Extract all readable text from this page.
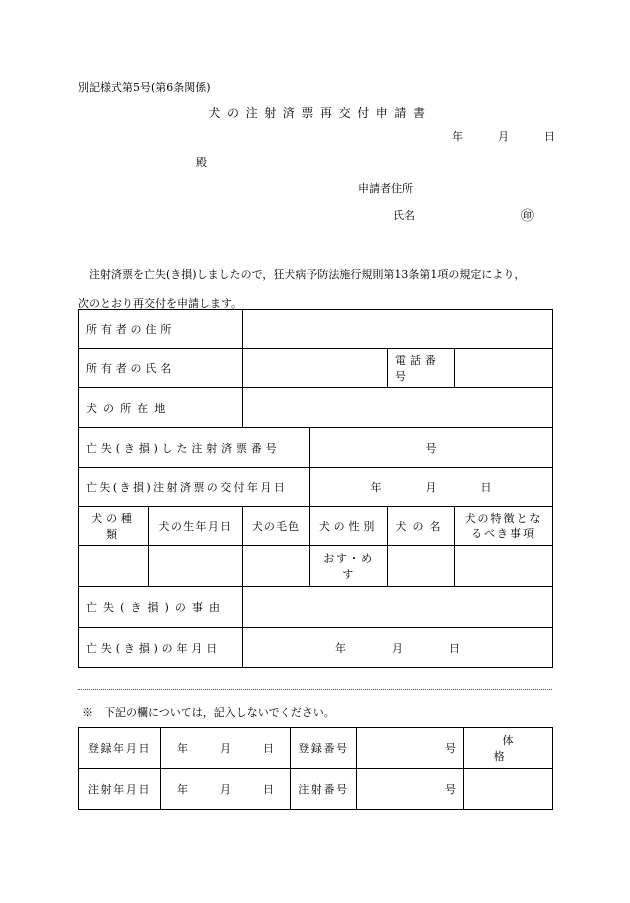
別記様式第5号(第6条関係)
犬の注射済票再交付申請書
年	月	日
殿
申請者住所
氏名	㊞
注射済票を亡失(き損)しましたので，狂犬病予防法施行規則第13条第1項の規定により，
次のとおり再交付を申請します。
所有者の住所					
所有者の氏名				電話番号	
犬の所在地					
亡失(き損)した注射済票番号			号		
亡失(き損)注射済票の交付年月日			年 月 日		
犬の種類	犬の生年月日	犬の毛色	犬の性別	犬の名	犬の特徴となるべき事項
			おす・めす		
亡失(き損)の事由					
亡失(き損)の年月日		年 月 日			
※　下記の欄については，記入しないでください。
登録年月日	年 月 日	登録番号	号	体格
注射年月日	年 月 日	注射番号	号	
